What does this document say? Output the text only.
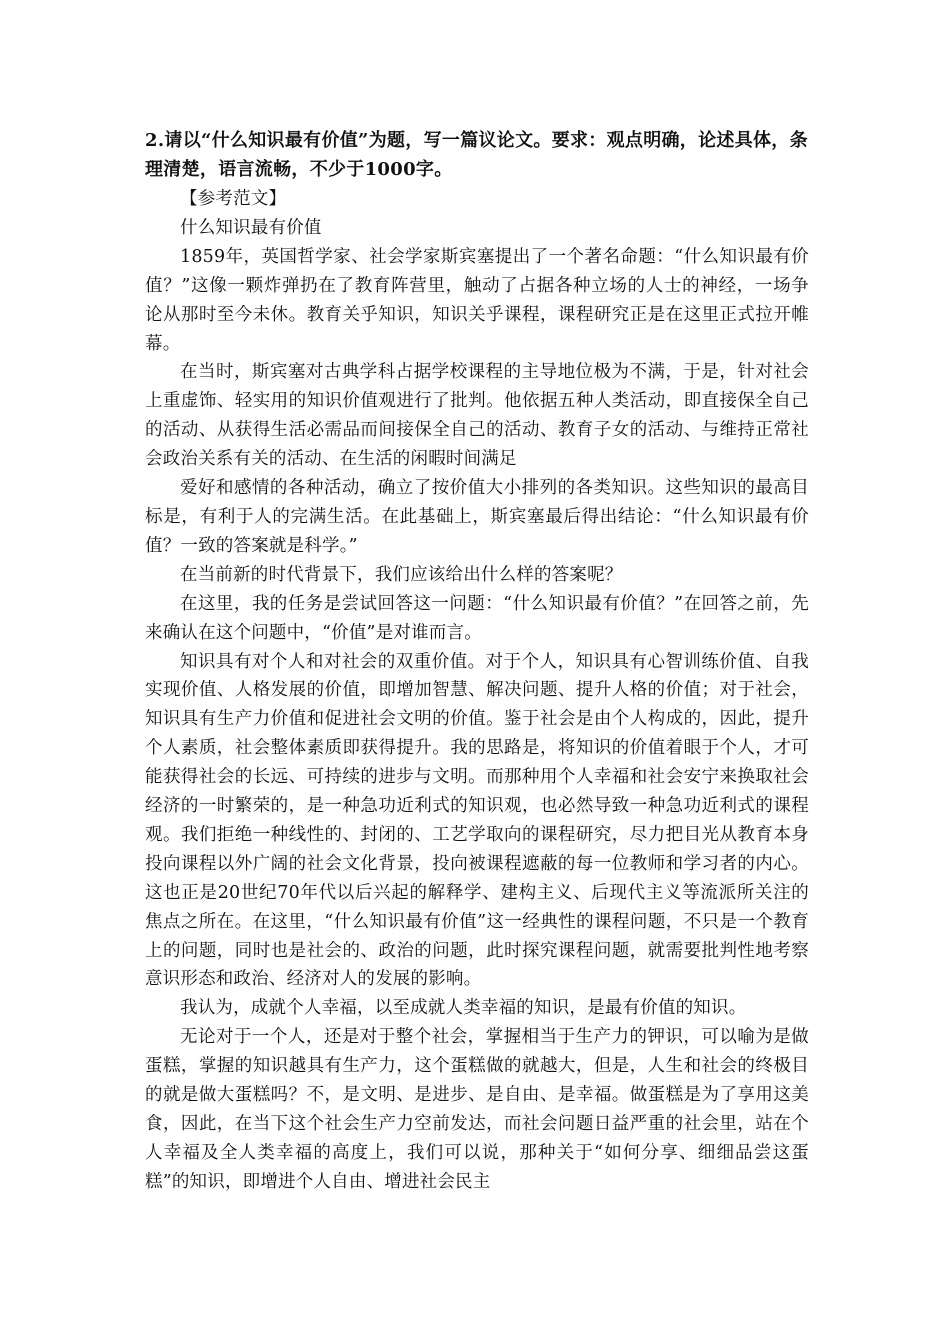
2.请以“什么知识最有价值”为题，写一篇议论文。要求：观点明确，论述具体，条理清楚，语言流畅，不少于1000字。

【参考范文】

什么知识最有价值

1859年，英国哲学家、社会学家斯宾塞提出了一个著名命题：“什么知识最有价值？”这像一颗炸弹扔在了教育阵营里，触动了占据各种立场的人士的神经，一场争论从那时至今未休。教育关乎知识，知识关乎课程，课程研究正是在这里正式拉开帷幕。

在当时，斯宾塞对古典学科占据学校课程的主导地位极为不满，于是，针对社会上重虚饰、轻实用的知识价值观进行了批判。他依据五种人类活动，即直接保全自己的活动、从获得生活必需品而间接保全自己的活动、教育子女的活动、与维持正常社会政治关系有关的活动、在生活的闲暇时间满足

爱好和感情的各种活动，确立了按价值大小排列的各类知识。这些知识的最高目标是，有利于人的完满生活。在此基础上，斯宾塞最后得出结论：“什么知识最有价值？一致的答案就是科学。”

在当前新的时代背景下，我们应该给出什么样的答案呢？

在这里，我的任务是尝试回答这一问题：“什么知识最有价值？”在回答之前，先来确认在这个问题中，“价值”是对谁而言。

知识具有对个人和对社会的双重价值。对于个人，知识具有心智训练价值、自我实现价值、人格发展的价值，即增加智慧、解决问题、提升人格的价值；对于社会，知识具有生产力价值和促进社会文明的价值。鉴于社会是由个人构成的，因此，提升个人素质，社会整体素质即获得提升。我的思路是，将知识的价值着眼于个人，才可能获得社会的长远、可持续的进步与文明。而那种用个人幸福和社会安宁来换取社会经济的一时繁荣的，是一种急功近利式的知识观，也必然导致一种急功近利式的课程观。我们拒绝一种线性的、封闭的、工艺学取向的课程研究，尽力把目光从教育本身投向课程以外广阔的社会文化背景，投向被课程遮蔽的每一位教师和学习者的内心。这也正是20世纪70年代以后兴起的解释学、建构主义、后现代主义等流派所关注的焦点之所在。在这里，“什么知识最有价值”这一经典性的课程问题，不只是一个教育上的问题，同时也是社会的、政治的问题，此时探究课程问题，就需要批判性地考察意识形态和政治、经济对人的发展的影响。

我认为，成就个人幸福，以至成就人类幸福的知识，是最有价值的知识。

无论对于一个人，还是对于整个社会，掌握相当于生产力的钾识，可以喻为是做蛋糕，掌握的知识越具有生产力，这个蛋糕做的就越大，但是，人生和社会的终极目的就是做大蛋糕吗？不，是文明、是进步、是自由、是幸福。做蛋糕是为了享用这美食，因此，在当下这个社会生产力空前发达，而社会问题日益严重的社会里，站在个人幸福及全人类幸福的高度上，我们可以说，那种关于“如何分享、细细品尝这蛋糕”的知识，即增进个人自由、增进社会民主
